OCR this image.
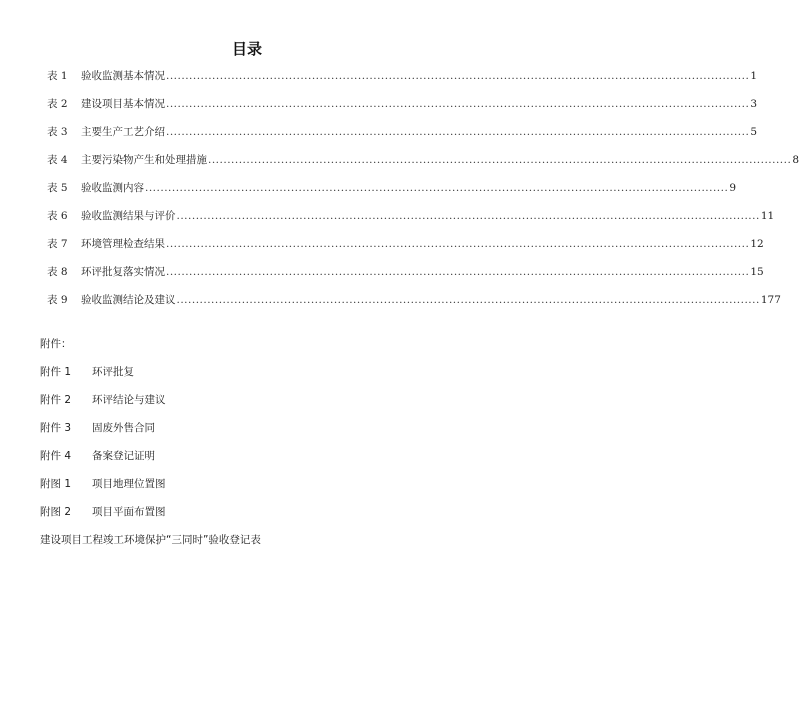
目录
表 1	验收监测基本情况 ........................................................................................................................................................ 1
表 2	建设项目基本情况 ........................................................................................................................................................ 3
表 3	主要生产工艺介绍 ........................................................................................................................................................ 5
表 4	主要污染物产生和处理措施 ........................................................................................................................................................ 8
表 5	验收监测内容 ........................................................................................................................................................ 9
表 6	验收监测结果与评价 ........................................................................................................................................................ 11
表 7	环境管理检查结果 ........................................................................................................................................................ 12
表 8	环评批复落实情况 ........................................................................................................................................................ 15
表 9	验收监测结论及建议 ........................................................................................................................................................ 177
附件：
附件 1 环评批复
附件 2 环评结论与建议
附件 3 固废外售合同
附件 4 备案登记证明
附图 1 项目地理位置图
附图 2 项目平面布置图
建设项目工程竣工环境保护“三同时”验收登记表
